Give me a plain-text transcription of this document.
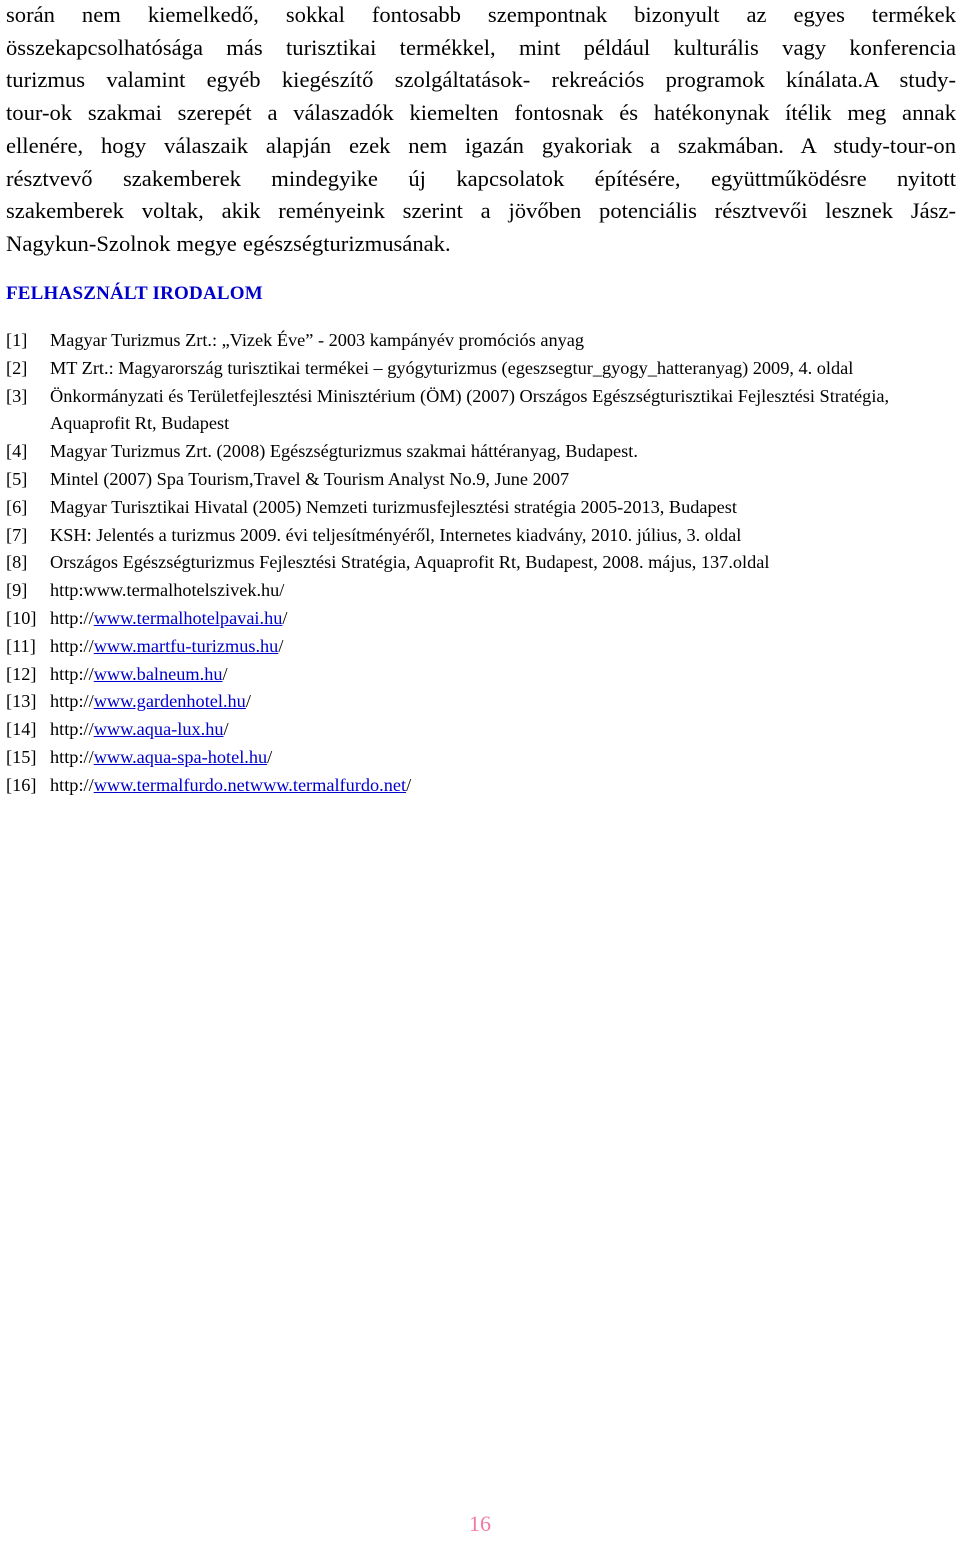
során nem kiemelkedő, sokkal fontosabb szempontnak bizonyult az egyes termékek
összekapcsolhatósága más turisztikai termékkel, mint például kulturális vagy konferencia
turizmus valamint egyéb kiegészítő szolgáltatások- rekreációs programok kínálata.A study-
tour-ok szakmai szerepét a válaszadók kiemelten fontosnak és hatékonynak ítélik meg annak
ellenére, hogy válaszaik alapján ezek nem igazán gyakoriak a szakmában. A study-tour-on
résztvevő szakemberek mindegyike új kapcsolatok építésére, együttműködésre nyitott
szakemberek voltak, akik reményeink szerint a jövőben potenciális résztvevői lesznek Jász-
Nagykun-Szolnok megye egészségturizmusának.
FELHASZNÁLT IRODALOM
[1]	Magyar Turizmus Zrt.: „Vizek Éve” - 2003 kampányév promóciós anyag
[2]	MT Zrt.: Magyarország turisztikai termékei – gyógyturizmus (egeszsegtur_gyogy_hatteranyag) 2009, 4. oldal
[3]	Önkormányzati és Területfejlesztési Minisztérium (ÖM) (2007) Országos Egészségturisztikai Fejlesztési Stratégia, Aquaprofit Rt, Budapest
[4]	Magyar Turizmus Zrt. (2008) Egészségturizmus szakmai háttéranyag, Budapest.
[5]	Mintel (2007) Spa Tourism,Travel & Tourism Analyst No.9, June 2007
[6]	Magyar Turisztikai Hivatal (2005) Nemzeti turizmusfejlesztési stratégia 2005-2013, Budapest
[7]	KSH: Jelentés a turizmus 2009. évi teljesítményéről, Internetes kiadvány, 2010. július, 3. oldal
[8]	Országos Egészségturizmus Fejlesztési Stratégia, Aquaprofit Rt, Budapest, 2008. május, 137.oldal
[9]	http:www.termalhotelszivek.hu/
[10] http://www.termalhotelpavai.hu/
[11] http://www.martfu-turizmus.hu/
[12] http://www.balneum.hu/
[13] http://www.gardenhotel.hu/
[14] http://www.aqua-lux.hu/
[15] http://www.aqua-spa-hotel.hu/
[16] http://www.termalfurdo.netwww.termalfurdo.net/
16
